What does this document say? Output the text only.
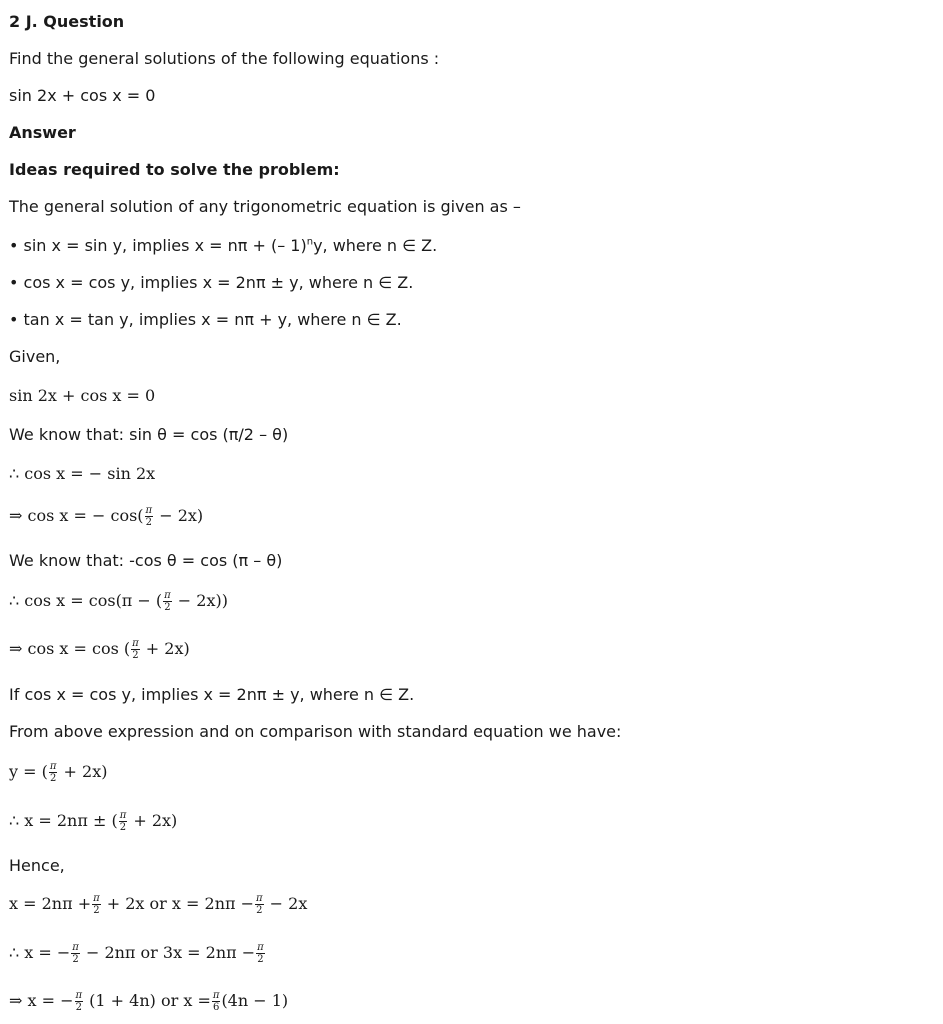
2 J. Question
Find the general solutions of the following equations :
sin 2x + cos x = 0
Answer
Ideas required to solve the problem:
The general solution of any trigonometric equation is given as –
• sin x = sin y, implies x = nπ + (– 1)$^n$y, where n ∈ Z.
• cos x = cos y, implies x = 2nπ ± y, where n ∈ Z.
• tan x = tan y, implies x = nπ + y, where n ∈ Z.
Given,
sin 2x + cos x = 0
We know that: sin θ = cos (π/2 – θ)
∴ cos x = − sin 2x
⇒ cos x = − $\cos( \frac{\pi}{2} - 2x)$
We know that: -cos θ = cos (π – θ)
∴ cos x = cos(π − ( $\frac{\pi}{2} - 2x$))
⇒ cos x = cos ( $\frac{\pi}{2} + 2x$)
If cos x = cos y, implies x = 2nπ ± y, where n ∈ Z.
From above expression and on comparison with standard equation we have:
y = ( $\frac{\pi}{2} + 2x$)
∴ x = 2nπ ± ( $\frac{\pi}{2} + 2x$)
Hence,
$x = 2n\pi + \frac{\pi}{2} + 2x$ or $x = 2n\pi - \frac{\pi}{2} - 2x$
∴ x = − $\frac{\pi}{2} - 2n\pi$ or $3x = 2n\pi - \frac{\pi}{2}$
⇒ x = − $\frac{\pi}{2} (1 + 4n)$ or $x = \frac{\pi}{6} (4n - 1)$
